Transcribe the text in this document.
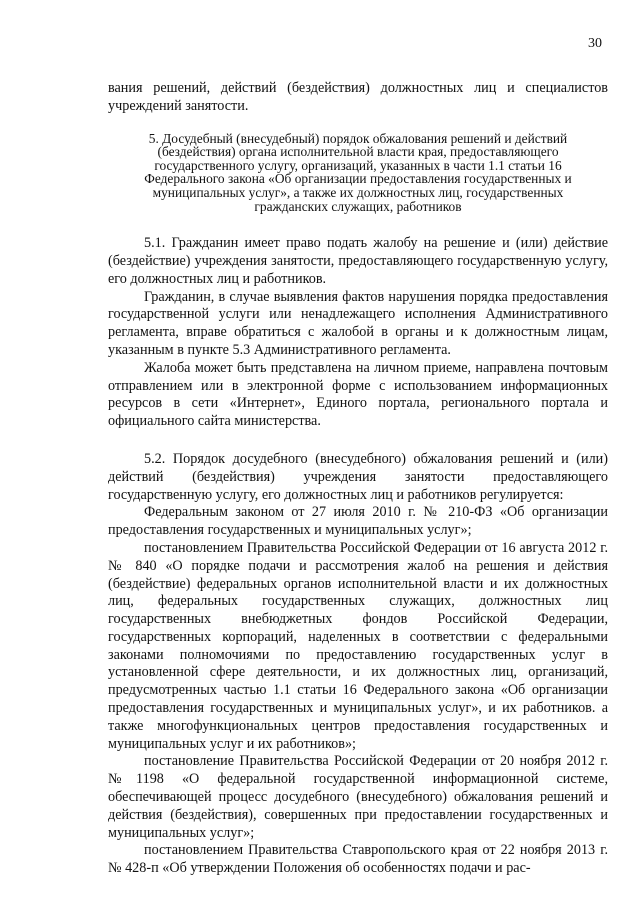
30

вания решений, действий (бездействия) должностных лиц и специалистов учреждений занятости.

5. Досудебный (внесудебный) порядок обжалования решений и действий (бездействия) органа исполнительной власти края, предоставляющего государственного услугу, организаций, указанных в части 1.1 статьи 16 Федерального закона «Об организации предоставления государственных и муниципальных услуг», а также их должностных лиц, государственных гражданских служащих, работников

5.1. Гражданин имеет право подать жалобу на решение и (или) действие (бездействие) учреждения занятости, предоставляющего государственную услугу, его должностных лиц и работников.

Гражданин, в случае выявления фактов нарушения порядка предоставления государственной услуги или ненадлежащего исполнения Административного регламента, вправе обратиться с жалобой в органы и к должностным лицам, указанным в пункте 5.3 Административного регламента.

Жалоба может быть представлена на личном приеме, направлена почтовым отправлением или в электронной форме с использованием информационных ресурсов в сети «Интернет», Единого портала, регионального портала и официального сайта министерства.

5.2. Порядок досудебного (внесудебного) обжалования решений и (или) действий (бездействия) учреждения занятости предоставляющего государственную услугу, его должностных лиц и работников регулируется:

Федеральным законом от 27 июля 2010 г. № 210-ФЗ «Об организации предоставления государственных и муниципальных услуг»;

постановлением Правительства Российской Федерации от 16 августа 2012 г. № 840 «О порядке подачи и рассмотрения жалоб на решения и действия (бездействие) федеральных органов исполнительной власти и их должностных лиц, федеральных государственных служащих, должностных лиц государственных внебюджетных фондов Российской Федерации, государственных корпораций, наделенных в соответствии с федеральными законами полномочиями по предоставлению государственных услуг в установленной сфере деятельности, и их должностных лиц, организаций, предусмотренных частью 1.1 статьи 16 Федерального закона «Об организации предоставления государственных и муниципальных услуг», и их работников. а также многофункциональных центров предоставления государственных и муниципальных услуг и их работников»;

постановление Правительства Российской Федерации от 20 ноября 2012 г. №1198 «О федеральной государственной информационной системе, обеспечивающей процесс досудебного (внесудебного) обжалования решений и действия (бездействия), совершенных при предоставлении государственных и муниципальных услуг»;

постановлением Правительства Ставропольского края от 22 ноября 2013 г. № 428-п «Об утверждении Положения об особенностях подачи и рас-
